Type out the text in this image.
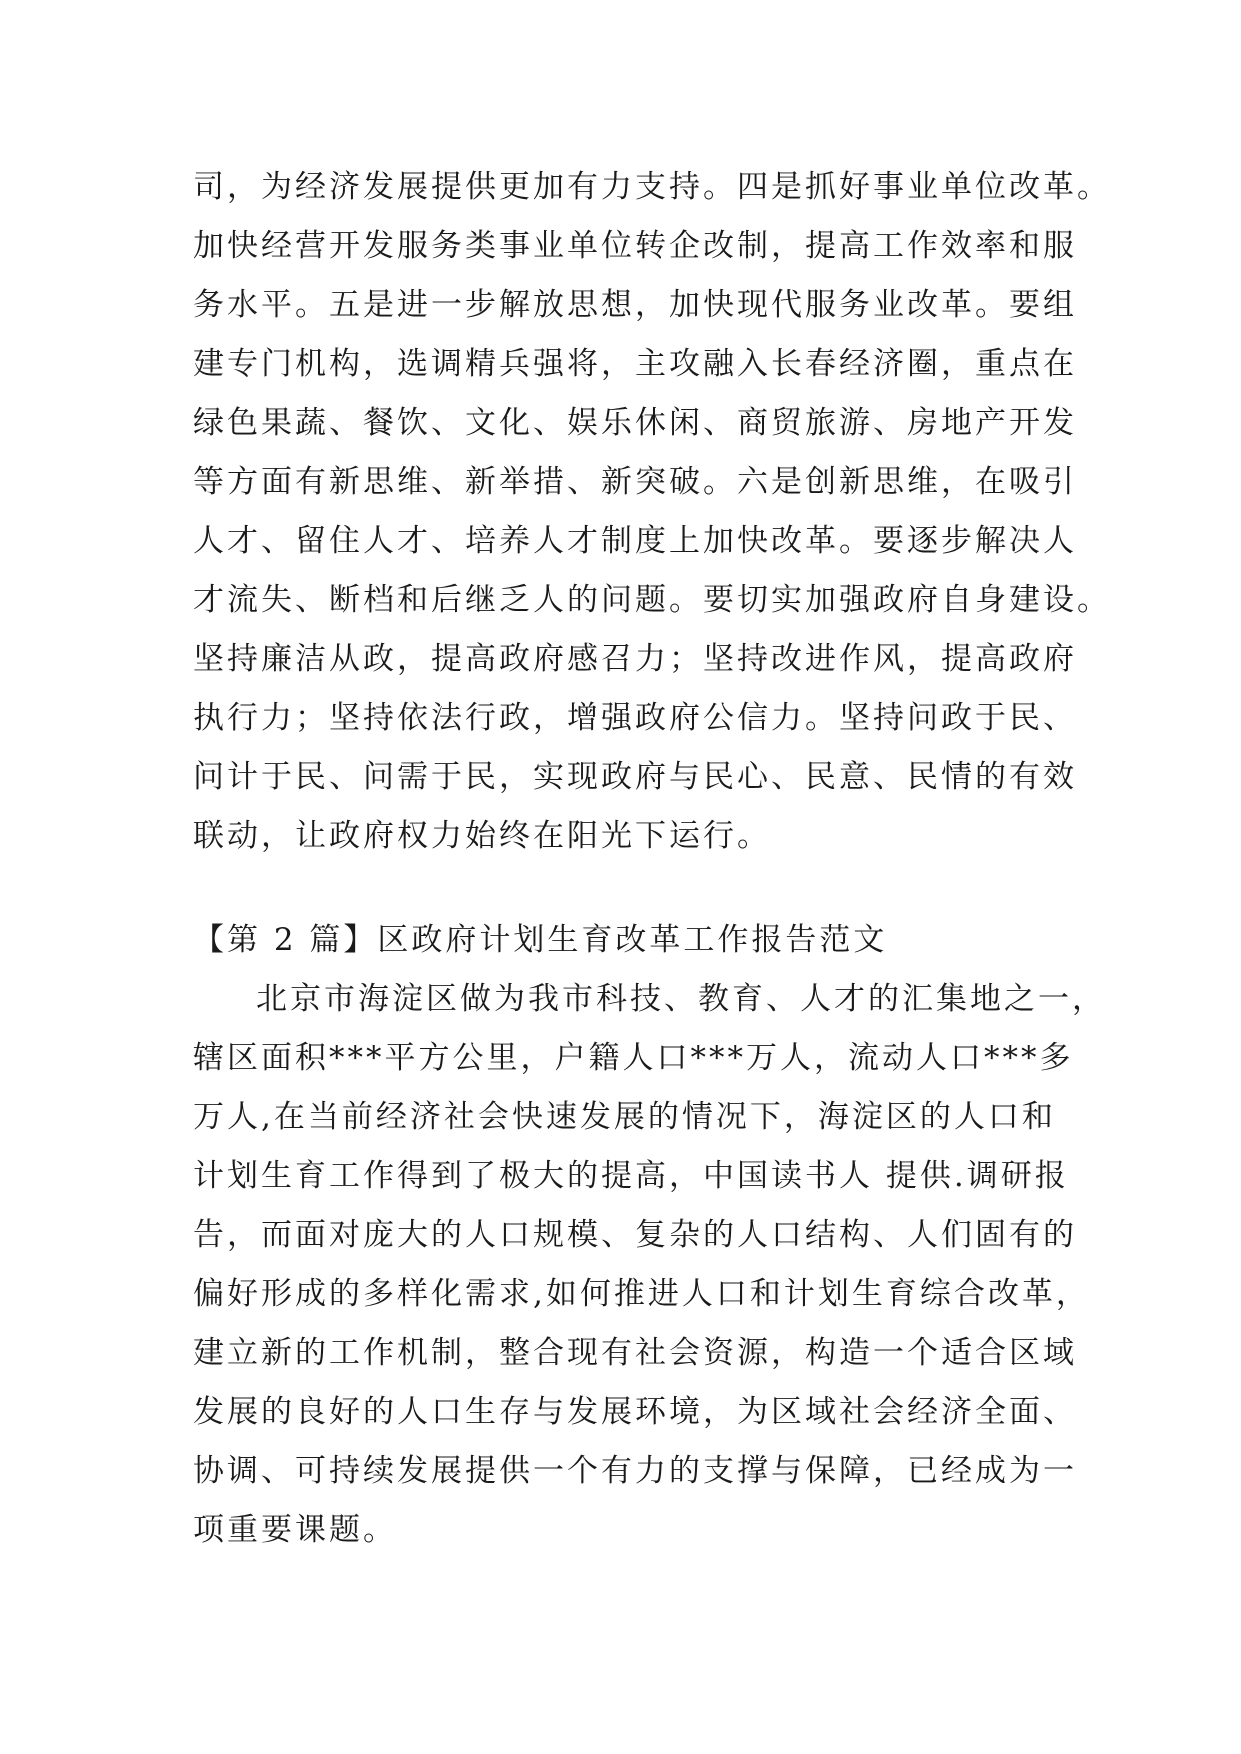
司，为经济发展提供更加有力支持。四是抓好事业单位改革。
加快经营开发服务类事业单位转企改制，提高工作效率和服
务水平。五是进一步解放思想，加快现代服务业改革。要组
建专门机构，选调精兵强将，主攻融入长春经济圈，重点在
绿色果蔬、餐饮、文化、娱乐休闲、商贸旅游、房地产开发
等方面有新思维、新举措、新突破。六是创新思维，在吸引
人才、留住人才、培养人才制度上加快改革。要逐步解决人
才流失、断档和后继乏人的问题。要切实加强政府自身建设。
坚持廉洁从政，提高政府感召力；坚持改进作风，提高政府
执行力；坚持依法行政，增强政府公信力。坚持问政于民、
问计于民、问需于民，实现政府与民心、民意、民情的有效
联动，让政府权力始终在阳光下运行。
【第 2 篇】区政府计划生育改革工作报告范文
北京市海淀区做为我市科技、教育、人才的汇集地之一，
辖区面积***平方公里，户籍人口***万人，流动人口***多
万人,在当前经济社会快速发展的情况下，海淀区的人口和
计划生育工作得到了极大的提高，中国读书人 提供.调研报
告，而面对庞大的人口规模、复杂的人口结构、人们固有的
偏好形成的多样化需求,如何推进人口和计划生育综合改革，
建立新的工作机制，整合现有社会资源，构造一个适合区域
发展的良好的人口生存与发展环境，为区域社会经济全面、
协调、可持续发展提供一个有力的支撑与保障，已经成为一
项重要课题。
